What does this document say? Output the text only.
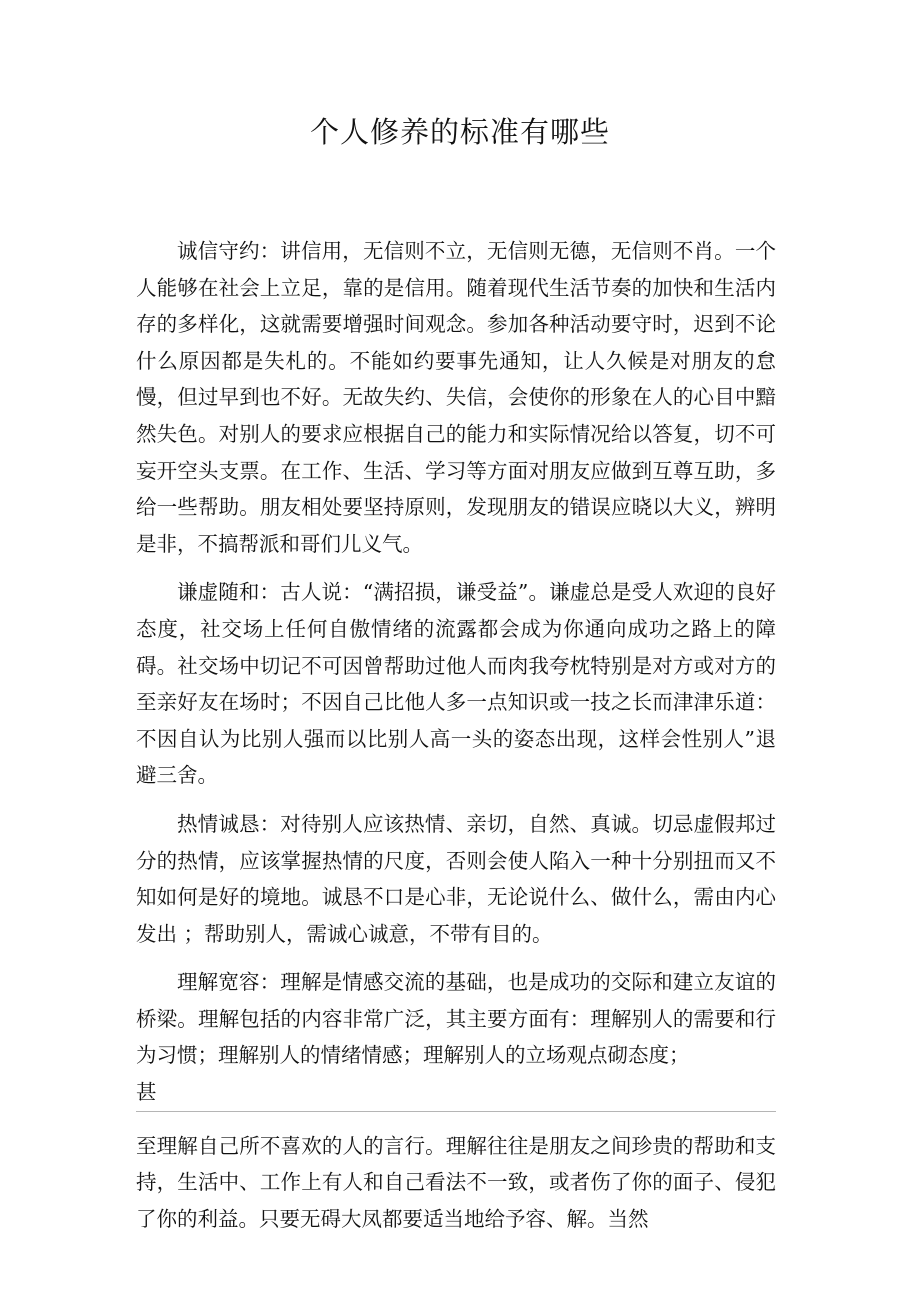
个人修养的标准有哪些

诚信守约：讲信用，无信则不立，无信则无德，无信则不肖。一个人能够在社会上立足，靠的是信用。随着现代生活节奏的加快和生活内存的多样化，这就需要增强时间观念。参加各种活动要守时，迟到不论什么原因都是失札的。不能如约要事先通知，让人久候是对朋友的怠慢，但过早到也不好。无故失约、失信，会使你的形象在人的心目中黯然失色。对别人的要求应根据自己的能力和实际情况给以答复，切不可妄开空头支票。在工作、生活、学习等方面对朋友应做到互尊互助，多给一些帮助。朋友相处要坚持原则，发现朋友的错误应晓以大义，辨明是非，不搞帮派和哥们儿义气。

谦虚随和：古人说：“满招损，谦受益”。谦虚总是受人欢迎的良好态度，社交场上任何自傲情绪的流露都会成为你通向成功之路上的障碍。社交场中切记不可因曾帮助过他人而肉我夸枕特别是对方或对方的至亲好友在场时；不因自己比他人多一点知识或一技之长而津津乐道：不因自认为比别人强而以比别人高一头的姿态出现，这样会性别人”退避三舍。

热情诚恳：对待别人应该热情、亲切，自然、真诚。切忌虚假邦过分的热情，应该掌握热情的尺度，否则会使人陷入一种十分别扭而又不知如何是好的境地。诚恳不口是心非，无论说什么、做什么，需由内心发出 ；帮助别人，需诚心诚意，不带有目的。

理解宽容：理解是情感交流的基础，也是成功的交际和建立友谊的桥梁。理解包括的内容非常广泛，其主要方面有：理解别人的需要和行为习惯；理解别人的情绪情感；理解别人的立场观点砌态度；

甚

至理解自己所不喜欢的人的言行。理解往往是朋友之间珍贵的帮助和支持，生活中、工作上有人和自己看法不一致，或者伤了你的面子、侵犯了你的利益。只要无碍大凤都要适当地给予容、解。当然
